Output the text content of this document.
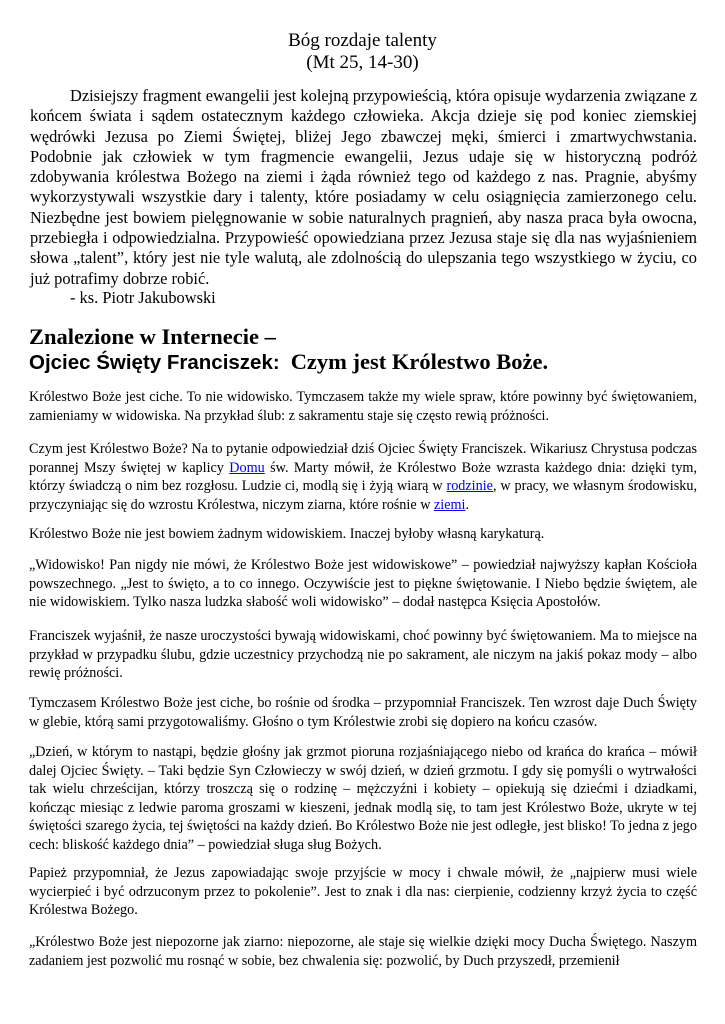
Bóg rozdaje talenty
(Mt 25, 14-30)

Dzisiejszy fragment ewangelii jest kolejną przypowieścią, która opisuje wydarzenia związane z końcem świata i sądem ostatecznym każdego człowieka. Akcja dzieje się pod koniec ziemskiej wędrówki Jezusa po Ziemi Świętej, bliżej Jego zbawczej męki, śmierci i zmartwychwstania. Podobnie jak człowiek w tym fragmencie ewangelii, Jezus udaje się w historyczną podróż zdobywania królestwa Bożego na ziemi i żąda również tego od każdego z nas. Pragnie, abyśmy wykorzystywali wszystkie dary i talenty, które posiadamy w celu osiągnięcia zamierzonego celu. Niezbędne jest bowiem pielęgnowanie w sobie naturalnych pragnień, aby nasza praca była owocna, przebiegła i odpowiedzialna. Przypowieść opowiedziana przez Jezusa staje się dla nas wyjaśnieniem słowa „talent”, który jest nie tyle walutą, ale zdolnością do ulepszania tego wszystkiego w życiu, co już potrafimy dobrze robić.

- ks. Piotr Jakubowski

Znalezione w Internecie –
Ojciec Święty Franciszek: Czym jest Królestwo Boże.

Królestwo Boże jest ciche. To nie widowisko. Tymczasem także my wiele spraw, które powinny być świętowaniem, zamieniamy w widowiska. Na przykład ślub: z sakramentu staje się często rewią próżności.

Czym jest Królestwo Boże? Na to pytanie odpowiedział dziś Ojciec Święty Franciszek. Wikariusz Chrystusa podczas porannej Mszy świętej w kaplicy Domu św. Marty mówił, że Królestwo Boże wzrasta każdego dnia: dzięki tym, którzy świadczą o nim bez rozgłosu. Ludzie ci, modlą się i żyją wiarą w rodzinie, w pracy, we własnym środowisku, przyczyniając się do wzrostu Królestwa, niczym ziarna, które rośnie w ziemi.

Królestwo Boże nie jest bowiem żadnym widowiskiem. Inaczej byłoby własną karykaturą.

„Widowisko! Pan nigdy nie mówi, że Królestwo Boże jest widowiskowe” – powiedział najwyższy kapłan Kościoła powszechnego. „Jest to święto, a to co innego. Oczywiście jest to piękne świętowanie. I Niebo będzie świętem, ale nie widowiskiem. Tylko nasza ludzka słabość woli widowisko” – dodał następca Księcia Apostołów.

Franciszek wyjaśnił, że nasze uroczystości bywają widowiskami, choć powinny być świętowaniem. Ma to miejsce na przykład w przypadku ślubu, gdzie uczestnicy przychodzą nie po sakrament, ale niczym na jakiś pokaz mody – albo rewię próżności.

Tymczasem Królestwo Boże jest ciche, bo rośnie od środka – przypomniał Franciszek. Ten wzrost daje Duch Święty w glebie, którą sami przygotowaliśmy. Głośno o tym Królestwie zrobi się dopiero na końcu czasów.

„Dzień, w którym to nastąpi, będzie głośny jak grzmot pioruna rozjaśniającego niebo od krańca do krańca – mówił dalej Ojciec Święty. – Taki będzie Syn Człowieczy w swój dzień, w dzień grzmotu. I gdy się pomyśli o wytrwałości tak wielu chrześcijan, którzy troszczą się o rodzinę – mężczyźni i kobiety – opiekują się dziećmi i dziadkami, kończąc miesiąc z ledwie paroma groszami w kieszeni, jednak modlą się, to tam jest Królestwo Boże, ukryte w tej świętości szarego życia, tej świętości na każdy dzień. Bo Królestwo Boże nie jest odległe, jest blisko! To jedna z jego cech: bliskość każdego dnia” – powiedział sługa sług Bożych.

Papież przypomniał, że Jezus zapowiadając swoje przyjście w mocy i chwale mówił, że „najpierw musi wiele wycierpieć i być odrzuconym przez to pokolenie”. Jest to znak i dla nas: cierpienie, codzienny krzyż życia to część Królestwa Bożego.

„Królestwo Boże jest niepozorne jak ziarno: niepozorne, ale staje się wielkie dzięki mocy Ducha Świętego. Naszym zadaniem jest pozwolić mu rosnąć w sobie, bez chwalenia się: pozwolić, by Duch przyszedł, przemienił
